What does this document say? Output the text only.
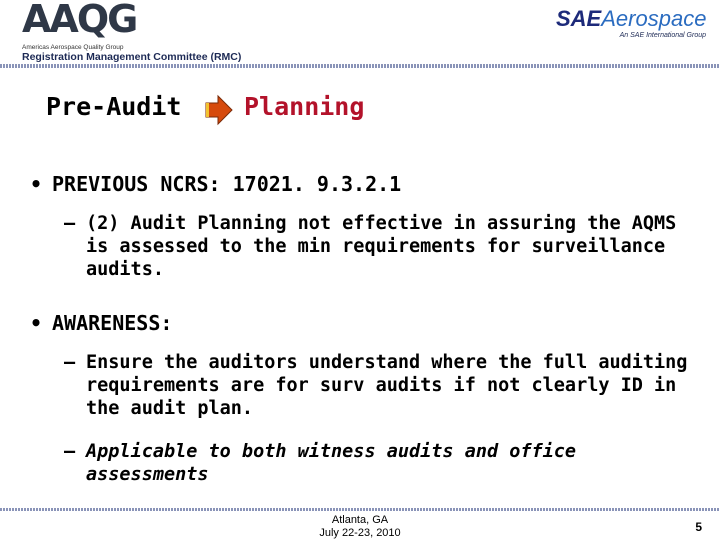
AAQG
Americas Aerospace Quality Group
Registration Management Committee (RMC)
SAEAerospace
An SAE International Group
Pre-Audit	Planning
• PREVIOUS NCRS: 17021. 9.3.2.1
– (2) Audit Planning not effective in assuring the AQMS is assessed to the min requirements for surveillance audits.
• AWARENESS:
– Ensure the auditors understand where the full auditing requirements are for surv audits if not clearly ID in the audit plan.
– Applicable to both witness audits and office assessments
Atlanta, GA
July 22-23, 2010	5
